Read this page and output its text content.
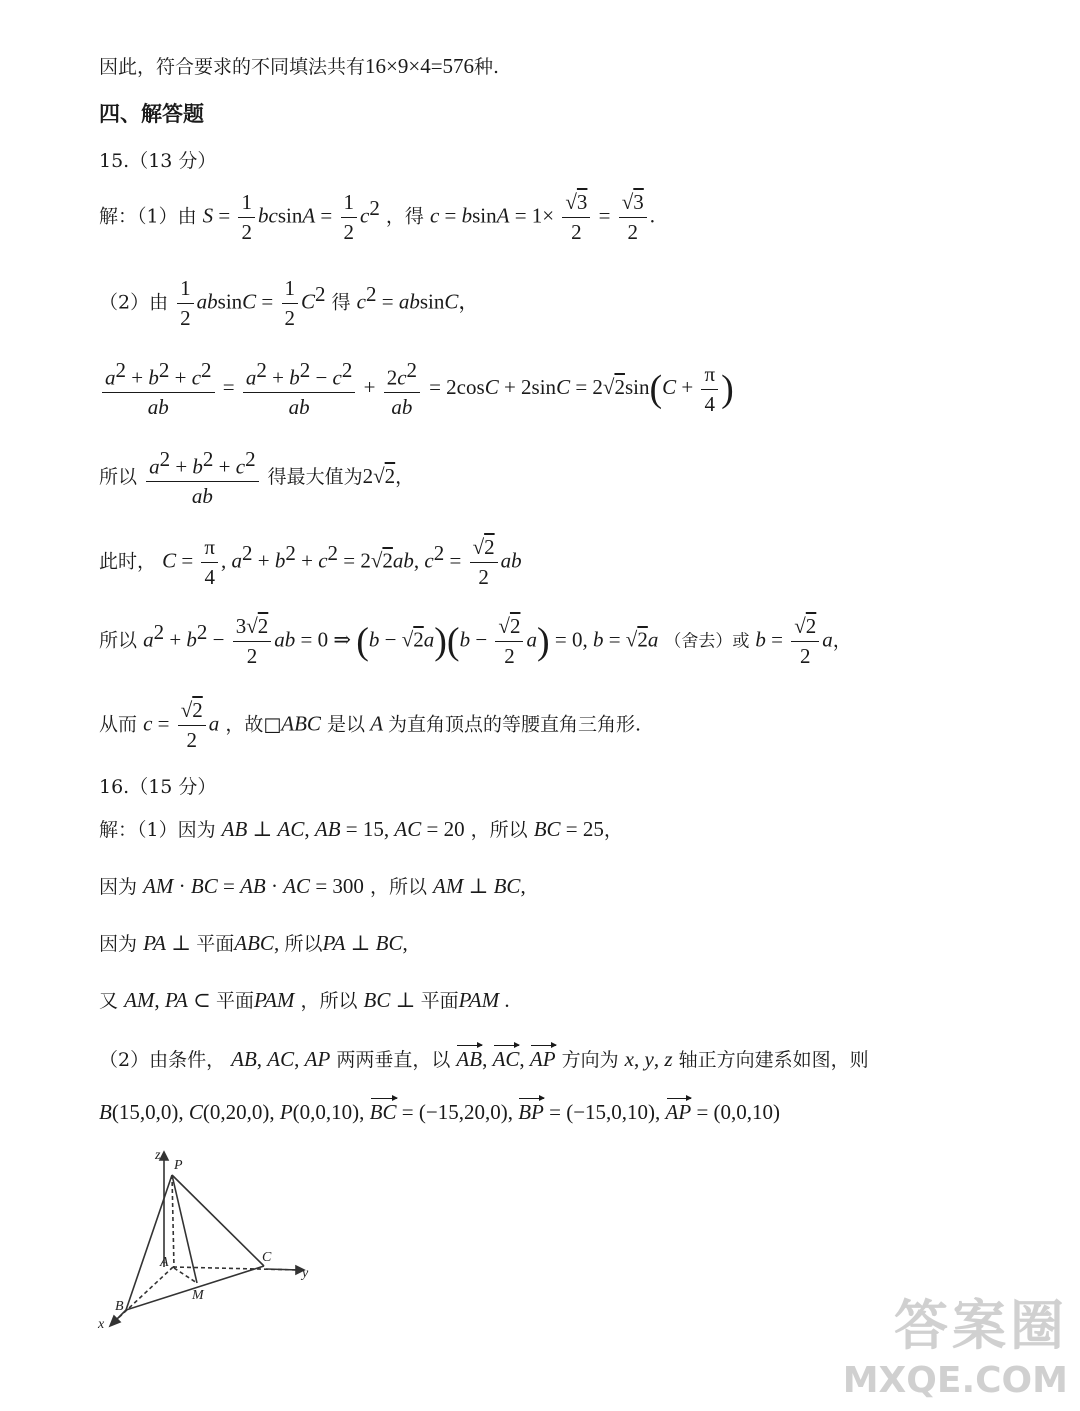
因此，符合要求的不同填法共有16×9×4=576种.
四、解答题
15.（13 分）
解：（1）由 $S = \frac{1}{2}$ $bcsinA = \frac{1}{2} c^2$ ，得 $c = bsinA = 1\times \frac{√3}{2} = \frac{√3}{2}$ .
（2）由 $\frac{1}{2}$ $absinC = \frac{1}{2} C^2$ 得 $c^2 = absinC$，
$\frac{a^2 + b^2 + c^2}{ab} = \frac{a^2 + b^2 - c^2}{ab} + \frac{2c^2}{ab} = 2\cos C + 2\sin C = 2√2\sin(C + \frac{\pi}{4}$ )
所以 $\frac{a^2 + b^2 + c^2}{ab}$ 得最大值为2√2，
此时， $C = \frac{\pi}{4}$ , $a^2 + b^2 + c^2 = 2√2ab$, $c^2 = \frac{√2}{2}$ ab
所以 $a^2 + b^2 - \frac{3√2}{2}$ ab = 0 ⇒ $(b - √2a)(b - \frac{√2}{2} a) = 0$, b = √2a （舍去）或 $b = \frac{√2}{2}$ a，
从而 $c = \frac{√2}{2}$ a ，故□ABC 是以 A 为直角顶点的等腰直角三角形.
16.（15 分）
解：（1）因为 AB ⊥ AC, AB = 15, AC = 20 ，所以 BC = 25，
因为 AM · BC = AB · AC = 300 ，所以 AM ⊥ BC,
因为 PA ⊥ 平面ABC, 所以PA ⊥ BC,
又 AM, PA ⊂ 平面PAM ，所以 BC ⊥ 平面PAM .
（2）由条件， AB, AC, AP 两两垂直，以 AB, AC, AP 方向为 x, y, z 轴正方向建系如图，则
B(15,0,0), C(0,20,0), P(0,0,10), BC = (−15,20,0), BP = (−15,0,10), AP = (0,0,10)
z
P
A	C
y
B
M
x	答案圈
MXQE.COM
